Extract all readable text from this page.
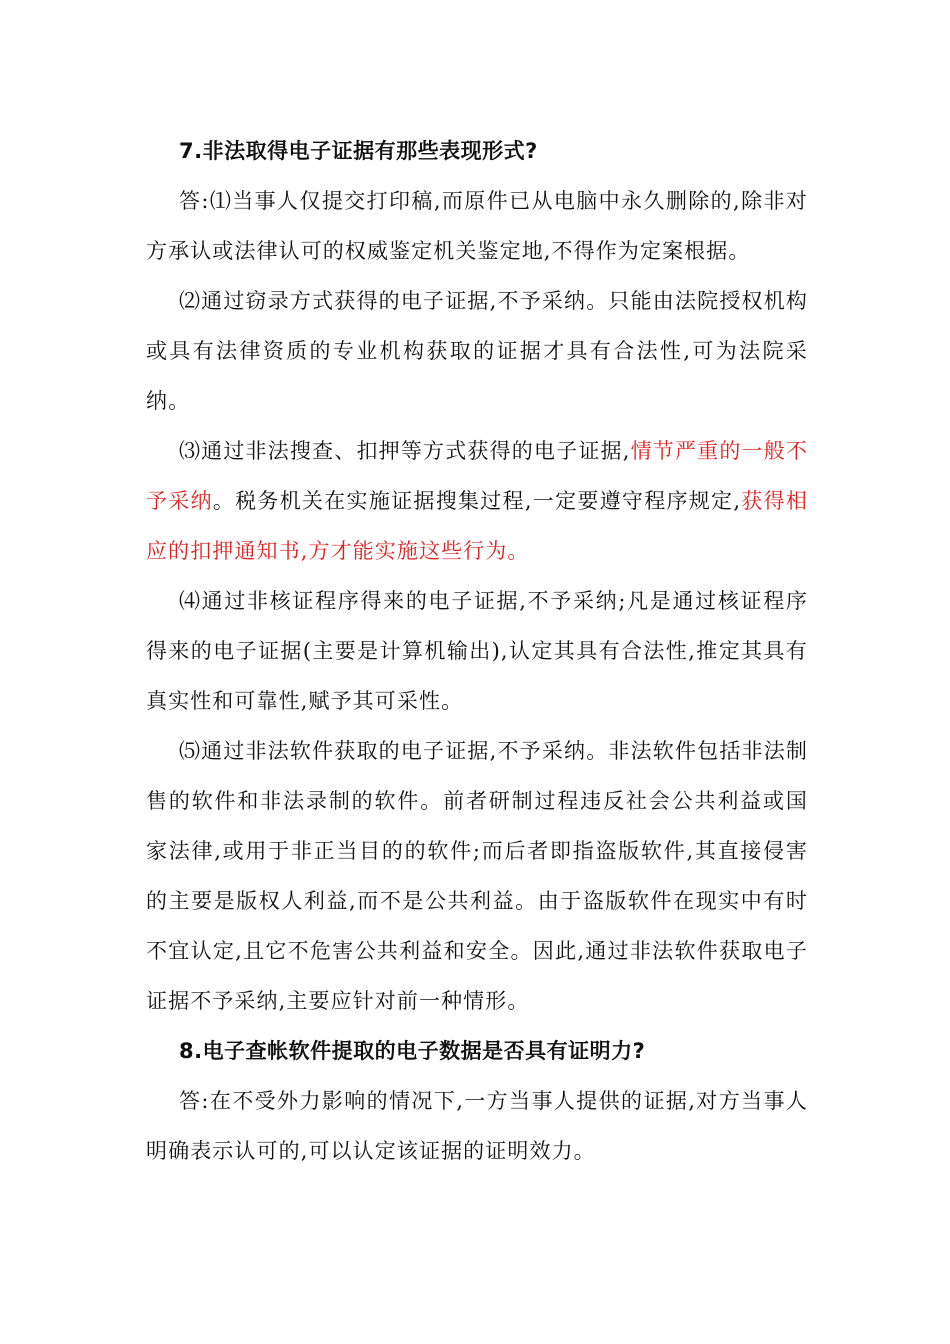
7.非法取得电子证据有那些表现形式?

答:⑴当事人仅提交打印稿,而原件已从电脑中永久删除的,除非对方承认或法律认可的权威鉴定机关鉴定地,不得作为定案根据。

⑵通过窃录方式获得的电子证据,不予采纳。只能由法院授权机构或具有法律资质的专业机构获取的证据才具有合法性,可为法院采纳。

⑶通过非法搜查、扣押等方式获得的电子证据,情节严重的一般不予采纳。税务机关在实施证据搜集过程,一定要遵守程序规定,获得相应的扣押通知书,方才能实施这些行为。

⑷通过非核证程序得来的电子证据,不予采纳;凡是通过核证程序得来的电子证据(主要是计算机输出),认定其具有合法性,推定其具有真实性和可靠性,赋予其可采性。

⑸通过非法软件获取的电子证据,不予采纳。非法软件包括非法制售的软件和非法录制的软件。前者研制过程违反社会公共利益或国家法律,或用于非正当目的的软件;而后者即指盗版软件,其直接侵害的主要是版权人利益,而不是公共利益。由于盗版软件在现实中有时不宜认定,且它不危害公共利益和安全。因此,通过非法软件获取电子证据不予采纳,主要应针对前一种情形。

8.电子查帐软件提取的电子数据是否具有证明力?

答:在不受外力影响的情况下,一方当事人提供的证据,对方当事人明确表示认可的,可以认定该证据的证明效力。
